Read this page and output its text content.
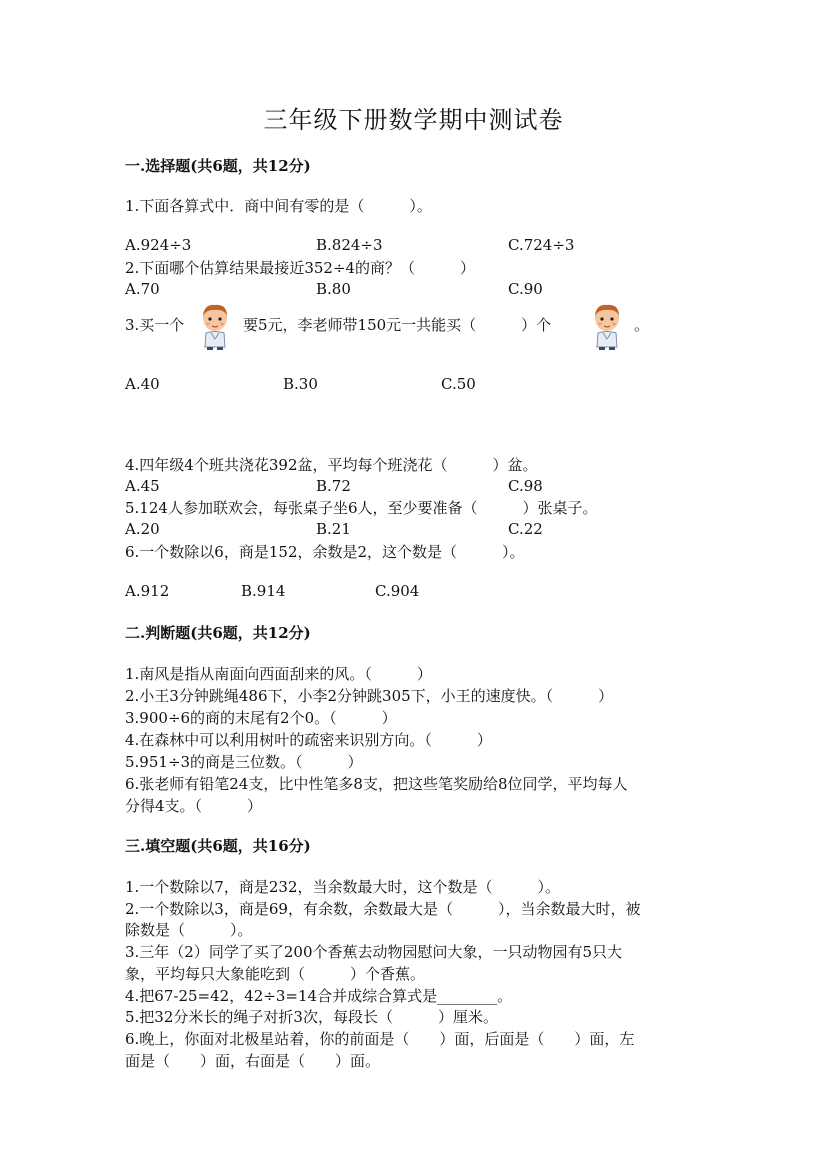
三年级下册数学期中测试卷
一.选择题(共6题，共12分)
1.下面各算式中．商中间有零的是（　　　）。
A.924÷3	B.824÷3	C.724÷3
2.下面哪个估算结果最接近352÷4的商？（　　　）
A.70	B.80	C.90
3.买一个	要5元，李老师带150元一共能买（　　　）个	。
A.40	B.30	C.50
4.四年级4个班共浇花392盆，平均每个班浇花（　　　）盆。
A.45	B.72	C.98
5.124人参加联欢会，每张桌子坐6人，至少要准备（　　　）张桌子。
A.20	B.21	C.22
6.一个数除以6，商是152，余数是2，这个数是（　　　）。
A.912	B.914	C.904
二.判断题(共6题，共12分)
1.南风是指从南面向西面刮来的风。（　　　）
2.小王3分钟跳绳486下，小李2分钟跳305下，小王的速度快。（　　　）
3.900÷6的商的末尾有2个0。（　　　）
4.在森林中可以利用树叶的疏密来识别方向。（　　　）
5.951÷3的商是三位数。（　　　）
6.张老师有铅笔24支，比中性笔多8支，把这些笔奖励给8位同学，平均每人
分得4支。（　　　）
三.填空题(共6题，共16分)
1.一个数除以7，商是232，当余数最大时，这个数是（　　　）。
2.一个数除以3，商是69，有余数，余数最大是（　　　），当余数最大时，被
除数是（　　　）。
3.三年（2）同学了买了200个香蕉去动物园慰问大象，一只动物园有5只大
象，平均每只大象能吃到（　　　）个香蕉。
4.把67-25=42，42÷3=14合并成综合算式是________。
5.把32分米长的绳子对折3次，每段长（　　　）厘米。
6.晚上，你面对北极星站着，你的前面是（　　）面，后面是（　　）面，左
面是（　　）面，右面是（　　）面。
